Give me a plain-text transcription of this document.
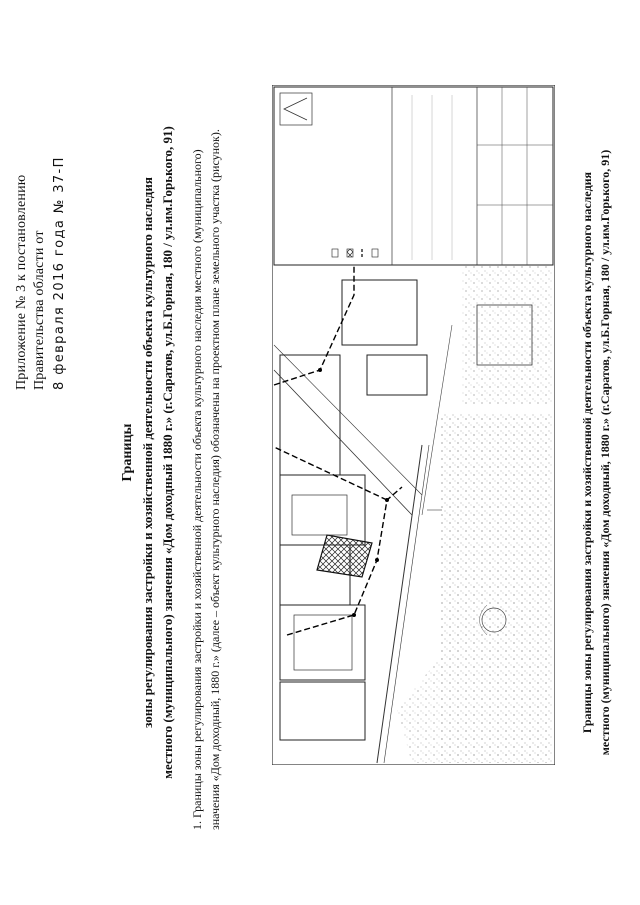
Приложение № 3 к постановлению Правительства области от 8 февраля 2016 года № 37-П
Границы зоны регулирования застройки и хозяйственной деятельности объекта культурного наследия местного (муниципального) значения «Дом доходный 1880 г.» (г.Саратов, ул.Б.Горная, 180 / ул.им.Горького, 91) 1. Границы зоны регулирования застройки и хозяйственной деятельности объекта культурного наследия местного (муниципального) значения «Дом доходный, 1880 г.» (далее – объект культурного наследия) обозначены на проектном плане земельного участка (рисунок).	Границы зоны регулирования застройки и хозяйственной деятельности объекта культурного наследия местного (муниципального) значения «Дом доходный, 1880 г.» (г.Саратов, ул.Б.Горная, 180 / ул.им.Горького, 91)
